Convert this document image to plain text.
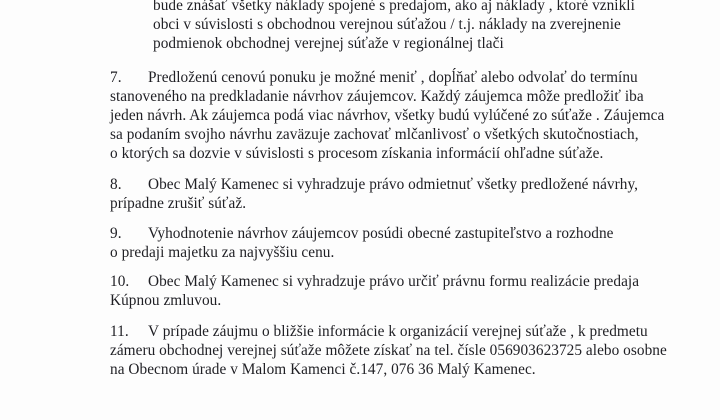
bude znášať všetky náklady spojené s predajom, ako aj náklady , ktoré vznikli
obci v súvislosti s obchodnou verejnou súťažou / t.j. náklady na zverejnenie
podmienok obchodnej verejnej súťaže v regionálnej tlači
7. Predloženú cenovú ponuku je možné meniť , dopĺňať alebo odvolať do termínu
stanoveného na predkladanie návrhov záujemcov. Každý záujemca môže predložiť iba
jeden návrh. Ak záujemca podá viac návrhov, všetky budú vylúčené zo súťaže . Záujemca
sa podaním svojho návrhu zaväzuje zachovať mlčanlivosť o všetkých skutočnostiach,
o ktorých sa dozvie v súvislosti s procesom získania informácií ohľadne súťaže.
8. Obec Malý Kamenec si vyhradzuje právo odmietnuť všetky predložené návrhy,
prípadne zrušiť súťaž.
9. Vyhodnotenie návrhov záujemcov posúdi obecné zastupiteľstvo a rozhodne
o predaji majetku za najvyššiu cenu.
10. Obec Malý Kamenec si vyhradzuje právo určiť právnu formu realizácie predaja
Kúpnou zmluvou.
11. V prípade záujmu o bližšie informácie k organizácií verejnej súťaže , k predmetu
zámeru obchodnej verejnej súťaže môžete získať na tel. čísle 056903623725 alebo osobne
na Obecnom úrade v Malom Kamenci č.147, 076 36 Malý Kamenec.
